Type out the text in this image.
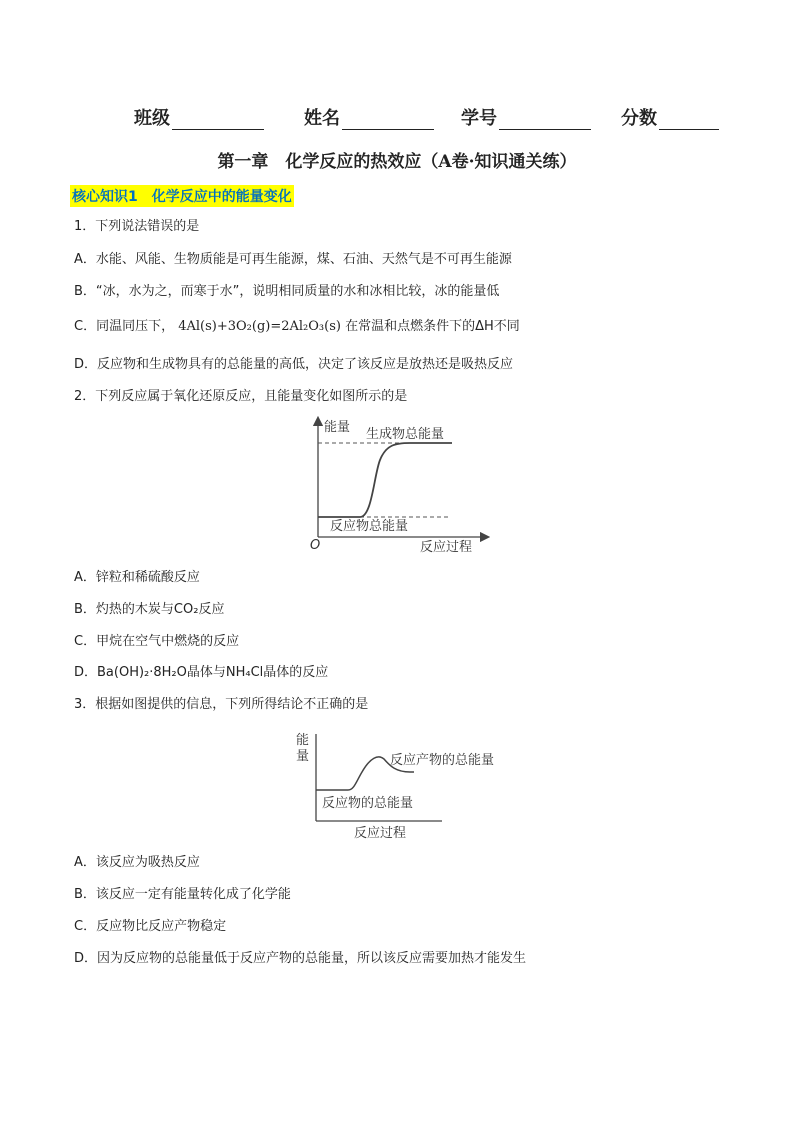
班级	姓名	学号	分数
第一章　化学反应的热效应（A卷·知识通关练）
核心知识1　化学反应中的能量变化
1．下列说法错误的是
A．水能、风能、生物质能是可再生能源，煤、石油、天然气是不可再生能源
B．“冰，水为之，而寒于水”，说明相同质量的水和冰相比较，冰的能量低
C．同温同压下， 4Al(s)+3O₂(g)=2Al₂O₃(s) 在常温和点燃条件下的ΔH不同
D．反应物和生成物具有的总能量的高低，决定了该反应是放热还是吸热反应
2．下列反应属于氧化还原反应，且能量变化如图所示的是
能量 生成物总能量
反应物总能量
O	反应过程
A．锌粒和稀硫酸反应
B．灼热的木炭与CO₂反应
C．甲烷在空气中燃烧的反应
D．Ba(OH)₂·8H₂O晶体与NH₄Cl晶体的反应
3．根据如图提供的信息，下列所得结论不正确的是
能
量	反应产物的总能量
反应物的总能量
反应过程
A．该反应为吸热反应
B．该反应一定有能量转化成了化学能
C．反应物比反应产物稳定
D．因为反应物的总能量低于反应产物的总能量，所以该反应需要加热才能发生
